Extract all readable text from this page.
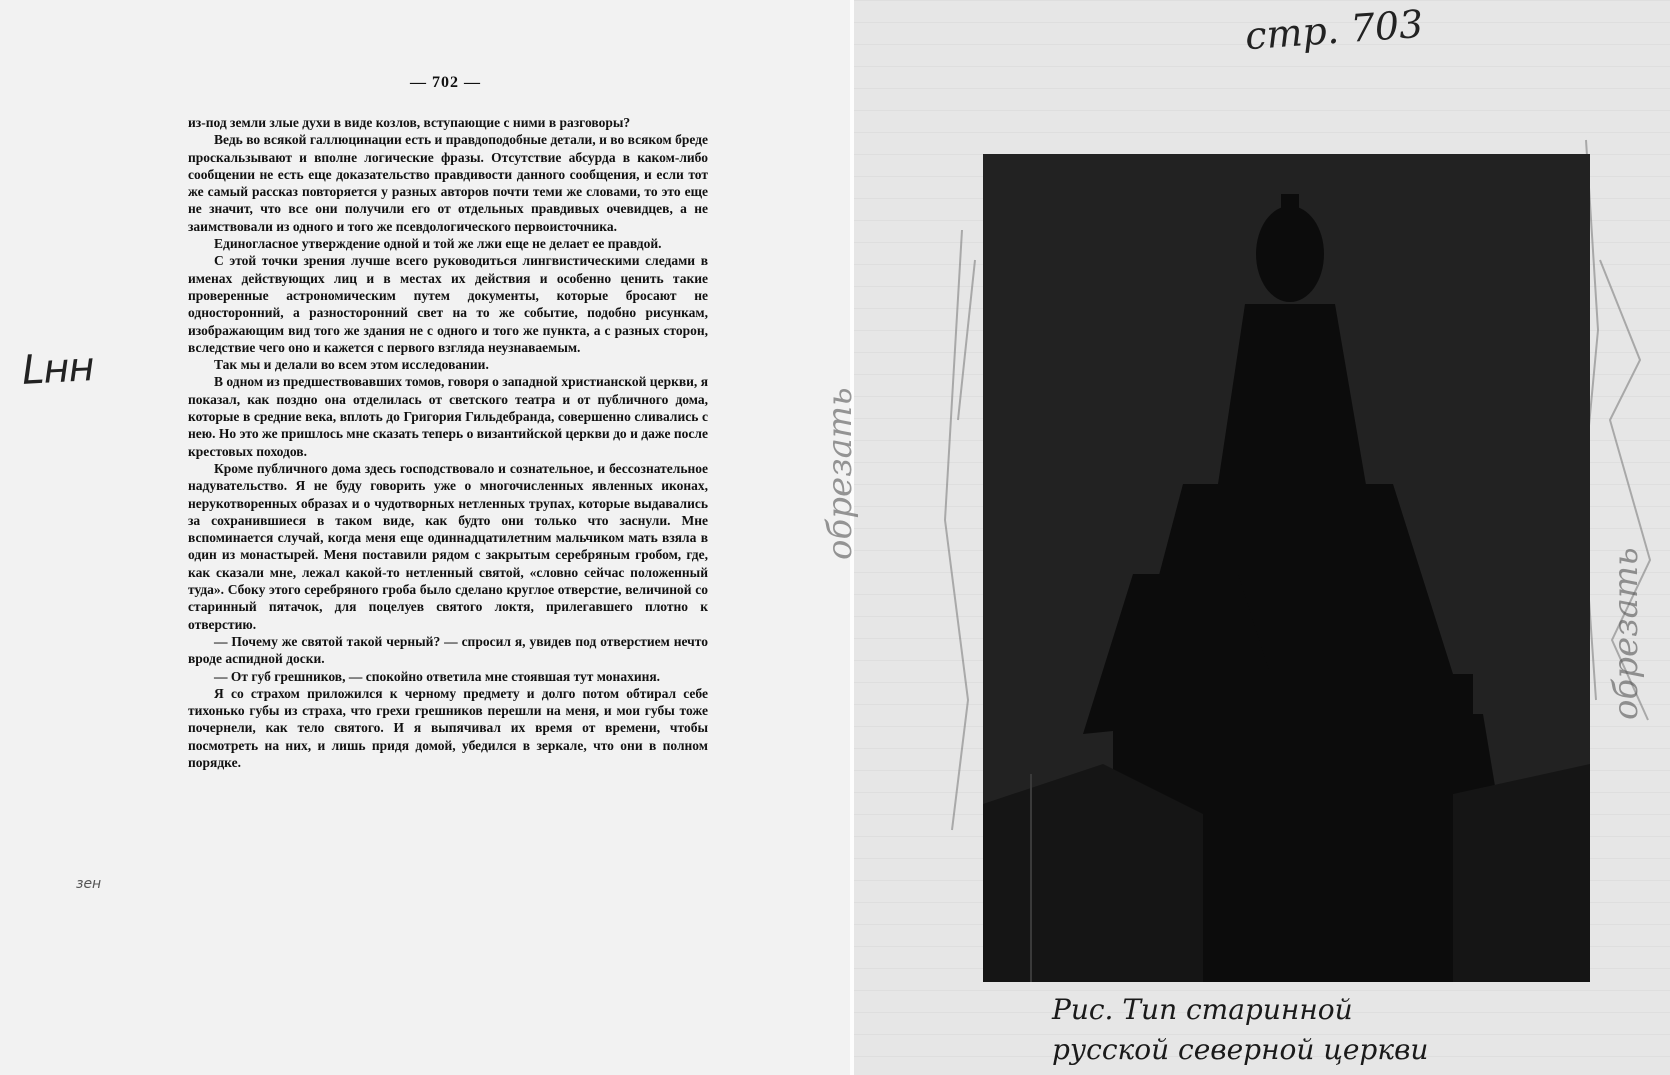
— 702 —

из-под земли злые духи в виде козлов, вступающие с ними в разговоры?

Ведь во всякой галлюцинации есть и правдоподобные детали, и во всяком бреде проскальзывают и вполне логические фразы. Отсутствие абсурда в каком-либо сообщении не есть еще доказательство правдивости данного сообщения, и если тот же самый рассказ повторяется у разных авторов почти теми же словами, то это еще не значит, что все они получили его от отдельных правдивых очевидцев, а не заимствовали из одного и того же псевдологического первоисточника.

Единогласное утверждение одной и той же лжи еще не делает ее правдой.

С этой точки зрения лучше всего руководиться лингвистическими следами в именах действующих лиц и в местах их действия и особенно ценить такие проверенные астрономическим путем документы, которые бросают не односторонний, а разносторонний свет на то же событие, подобно рисункам, изображающим вид того же здания не с одного и того же пункта, а с разных сторон, вследствие чего оно и кажется с первого взгляда неузнаваемым.

Так мы и делали во всем этом исследовании.

В одном из предшествовавших томов, говоря о западной христианской церкви, я показал, как поздно она отделилась от светского театра и от публичного дома, которые в средние века, вплоть до Григория Гильдебранда, совершенно сливались с нею. Но это же пришлось мне сказать теперь о византийской церкви до и даже после крестовых походов.

Кроме публичного дома здесь господствовало и сознательное, и бессознательное надувательство. Я не буду говорить уже о многочисленных явленных иконах, нерукотворенных образах и о чудотворных нетленных трупах, которые выдавались за сохранившиеся в таком виде, как будто они только что заснули. Мне вспоминается случай, когда меня еще одиннадцатилетним мальчиком мать взяла в один из монастырей. Меня поставили рядом с закрытым серебряным гробом, где, как сказали мне, лежал какой-то нетленный святой, «словно сейчас положенный туда». Сбоку этого серебряного гроба было сделано круглое отверстие, величиной со старинный пятачок, для поцелуев святого локтя, прилегавшего плотно к отверстию.

— Почему же святой такой черный? — спросил я, увидев под отверстием нечто вроде аспидной доски.

— От губ грешников, — спокойно ответила мне стоявшая тут монахиня.

Я со страхом приложился к черному предмету и долго потом обтирал себе тихонько губы из страха, что грехи грешников перешли на меня, и мои губы тоже почернели, как тело святого. И я выпячивал их время от времени, чтобы посмотреть на них, и лишь придя домой, убедился в зеркале, что они в полном порядке.

Lнн
зен
стр. 703
обрезать
обрезать
Рис. Тип старинной

русской северной церкви
